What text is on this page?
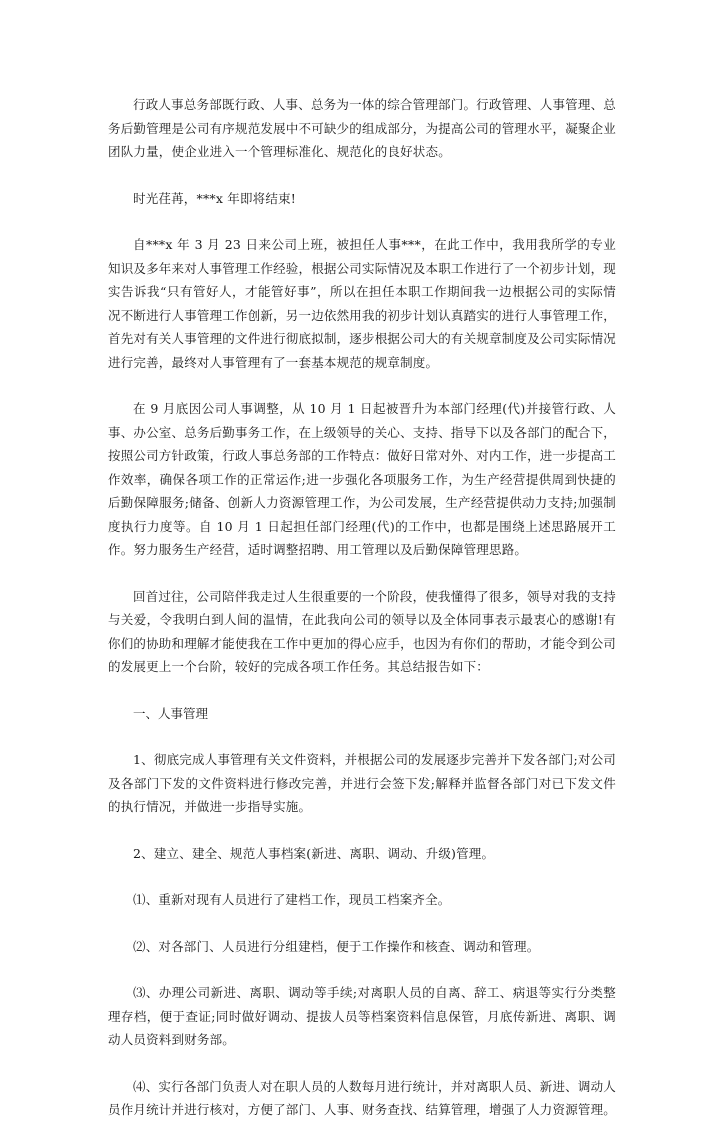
行政人事总务部既行政、人事、总务为一体的综合管理部门。行政管理、人事管理、总务后勤管理是公司有序规范发展中不可缺少的组成部分，为提高公司的管理水平，凝聚企业团队力量，使企业进入一个管理标准化、规范化的良好状态。

时光荏苒，***x 年即将结束!

自***x 年 3 月 23 日来公司上班，被担任人事***，在此工作中，我用我所学的专业知识及多年来对人事管理工作经验，根据公司实际情况及本职工作进行了一个初步计划，现实告诉我“只有管好人，才能管好事”，所以在担任本职工作期间我一边根据公司的实际情况不断进行人事管理工作创新，另一边依然用我的初步计划认真踏实的进行人事管理工作，首先对有关人事管理的文件进行彻底拟制，逐步根据公司大的有关规章制度及公司实际情况进行完善，最终对人事管理有了一套基本规范的规章制度。

在 9 月底因公司人事调整，从 10 月 1 日起被晋升为本部门经理(代)并接管行政、人事、办公室、总务后勤事务工作，在上级领导的关心、支持、指导下以及各部门的配合下，按照公司方针政策，行政人事总务部的工作特点：做好日常对外、对内工作，进一步提高工作效率，确保各项工作的正常运作;进一步强化各项服务工作，为生产经营提供周到快捷的后勤保障服务;储备、创新人力资源管理工作，为公司发展，生产经营提供动力支持;加强制度执行力度等。自 10 月 1 日起担任部门经理(代)的工作中，也都是围绕上述思路展开工作。努力服务生产经营，适时调整招聘、用工管理以及后勤保障管理思路。

回首过往，公司陪伴我走过人生很重要的一个阶段，使我懂得了很多，领导对我的支持与关爱，令我明白到人间的温情，在此我向公司的领导以及全体同事表示最衷心的感谢!有你们的协助和理解才能使我在工作中更加的得心应手，也因为有你们的帮助，才能令到公司的发展更上一个台阶，较好的完成各项工作任务。其总结报告如下：

一、人事管理

1、彻底完成人事管理有关文件资料，并根据公司的发展逐步完善并下发各部门;对公司及各部门下发的文件资料进行修改完善，并进行会签下发;解释并监督各部门对已下发文件的执行情况，并做进一步指导实施。

2、建立、建全、规范人事档案(新进、离职、调动、升级)管理。

⑴、重新对现有人员进行了建档工作，现员工档案齐全。

⑵、对各部门、人员进行分组建档，便于工作操作和核查、调动和管理。

⑶、办理公司新进、离职、调动等手续;对离职人员的自离、辞工、病退等实行分类整理存档，便于查证;同时做好调动、提拔人员等档案资料信息保管，月底传新进、离职、调动人员资料到财务部。

⑷、实行各部门负责人对在职人员的人数每月进行统计，并对离职人员、新进、调动人员作月统计并进行核对，方便了部门、人事、财务查找、结算管理，增强了人力资源管理。
